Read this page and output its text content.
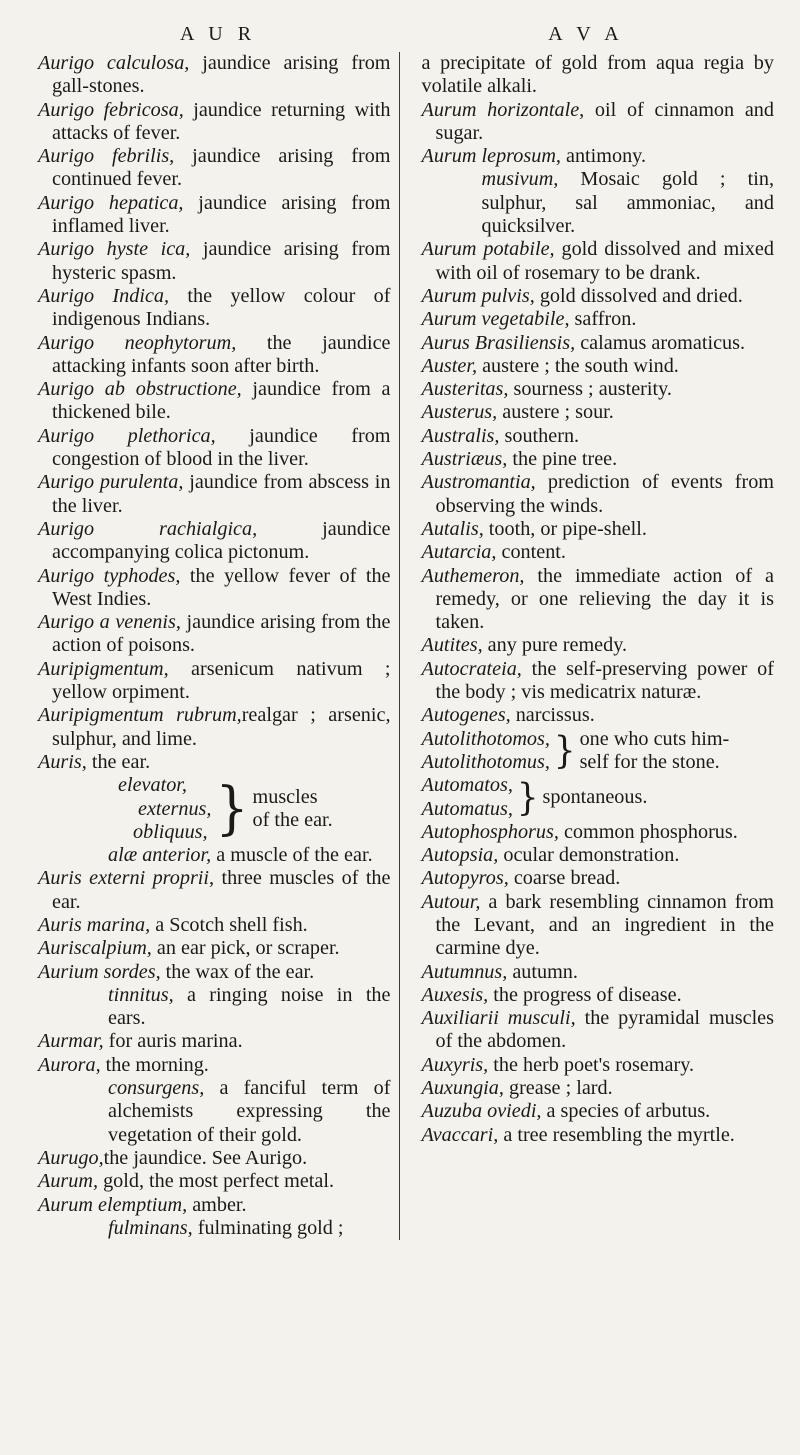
A U R	A V A
Aurigo calculosa, jaundice arising from gall-stones.
Aurigo febricosa, jaundice returning with attacks of fever.
Aurigo febrilis, jaundice arising from continued fever.
Aurigo hepatica, jaundice arising from inflamed liver.
Aurigo hyste ica, jaundice arising from hysteric spasm.
Aurigo Indica, the yellow colour of indigenous Indians.
Aurigo neophytorum, the jaundice attacking infants soon after birth.
Aurigo ab obstructione, jaundice from a thickened bile.
Aurigo plethorica, jaundice from congestion of blood in the liver.
Aurigo purulenta, jaundice from abscess in the liver.
Aurigo rachialgica, jaundice accompanying colica pictonum.
Aurigo typhodes, the yellow fever of the West Indies.
Aurigo a venenis, jaundice arising from the action of poisons.
Auripigmentum, arsenicum nativum ; yellow orpiment.
Auripigmentum rubrum,realgar ; arsenic, sulphur, and lime.
Auris, the ear.
elevator,
externus,
obliquus, } muscles
of the ear.
alæ anterior, a muscle of the ear.
Auris externi proprii, three muscles of the ear.
Auris marina, a Scotch shell fish.
Auriscalpium, an ear pick, or scraper.
Aurium sordes, the wax of the ear.
tinnitus, a ringing noise in the ears.
Aurmar, for auris marina.
Aurora, the morning.
consurgens, a fanciful term of alchemists expressing the vegetation of their gold.
Aurugo,the jaundice. See Aurigo.
Aurum, gold, the most perfect metal.
Aurum elemptium, amber.
fulminans, fulminating gold ;
a precipitate of gold from aqua regia by volatile alkali.
Aurum horizontale, oil of cinnamon and sugar.
Aurum leprosum, antimony.
musivum, Mosaic gold ; tin, sulphur, sal ammoniac, and quicksilver.
Aurum potabile, gold dissolved and mixed with oil of rosemary to be drank.
Aurum pulvis, gold dissolved and dried.
Aurum vegetabile, saffron.
Aurus Brasiliensis, calamus aromaticus.
Auster, austere ; the south wind.
Austeritas, sourness ; austerity.
Austerus, austere ; sour.
Australis, southern.
Austriæus, the pine tree.
Austromantia, prediction of events from observing the winds.
Autalis, tooth, or pipe-shell.
Autarcia, content.
Authemeron, the immediate action of a remedy, or one relieving the day it is taken.
Autites, any pure remedy.
Autocrateia, the self-preserving power of the body ; vis medicatrix naturæ.
Autogenes, narcissus.
Autolithotomos,
Autolithotomus, } one who cuts him-
self for the stone.
Automatos,
Automatus, } spontaneous.
Autophosphorus, common phosphorus.
Autopsia, ocular demonstration.
Autopyros, coarse bread.
Autour, a bark resembling cinnamon from the Levant, and an ingredient in the carmine dye.
Autumnus, autumn.
Auxesis, the progress of disease.
Auxiliarii musculi, the pyramidal muscles of the abdomen.
Auxyris, the herb poet's rosemary.
Auxungia, grease ; lard.
Auzuba oviedi, a species of arbutus.
Avaccari, a tree resembling the myrtle.
